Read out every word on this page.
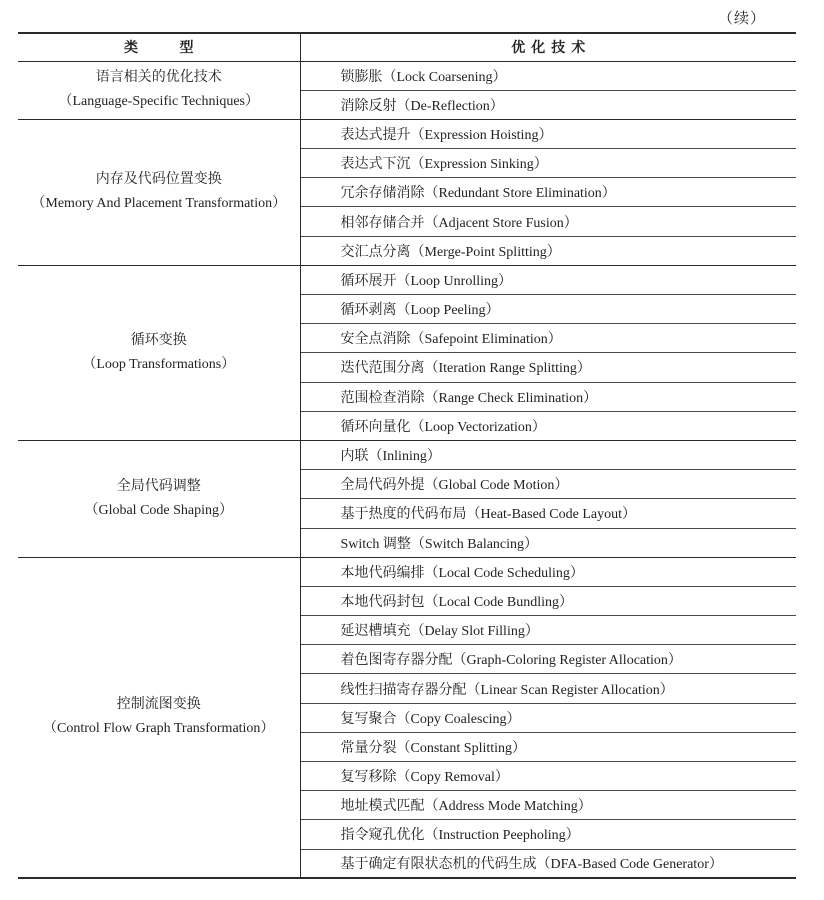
（续）
类 型	优化技术

语言相关的优化技术
（Language-Specific Techniques）	锁膨胀（Lock Coarsening）
	消除反射（De-Reflection）

内存及代码位置变换
（Memory And Placement Transformation）	表达式提升（Expression Hoisting）
	表达式下沉（Expression Sinking）
	冗余存储消除（Redundant Store Elimination）
	相邻存储合并（Adjacent Store Fusion）
	交汇点分离（Merge-Point Splitting）

循环变换
（Loop Transformations）	循环展开（Loop Unrolling）
	循环剥离（Loop Peeling）
	安全点消除（Safepoint Elimination）
	迭代范围分离（Iteration Range Splitting）
	范围检查消除（Range Check Elimination）
	循环向量化（Loop Vectorization）

全局代码调整
（Global Code Shaping）	内联（Inlining）
	全局代码外提（Global Code Motion）
	基于热度的代码布局（Heat-Based Code Layout）
	Switch 调整（Switch Balancing）

控制流图变换
（Control Flow Graph Transformation）	本地代码编排（Local Code Scheduling）
	本地代码封包（Local Code Bundling）
	延迟槽填充（Delay Slot Filling）
	着色图寄存器分配（Graph-Coloring Register Allocation）
	线性扫描寄存器分配（Linear Scan Register Allocation）
	复写聚合（Copy Coalescing）
	常量分裂（Constant Splitting）
	复写移除（Copy Removal）
	地址模式匹配（Address Mode Matching）
	指令窥孔优化（Instruction Peepholing）
	基于确定有限状态机的代码生成（DFA-Based Code Generator）
